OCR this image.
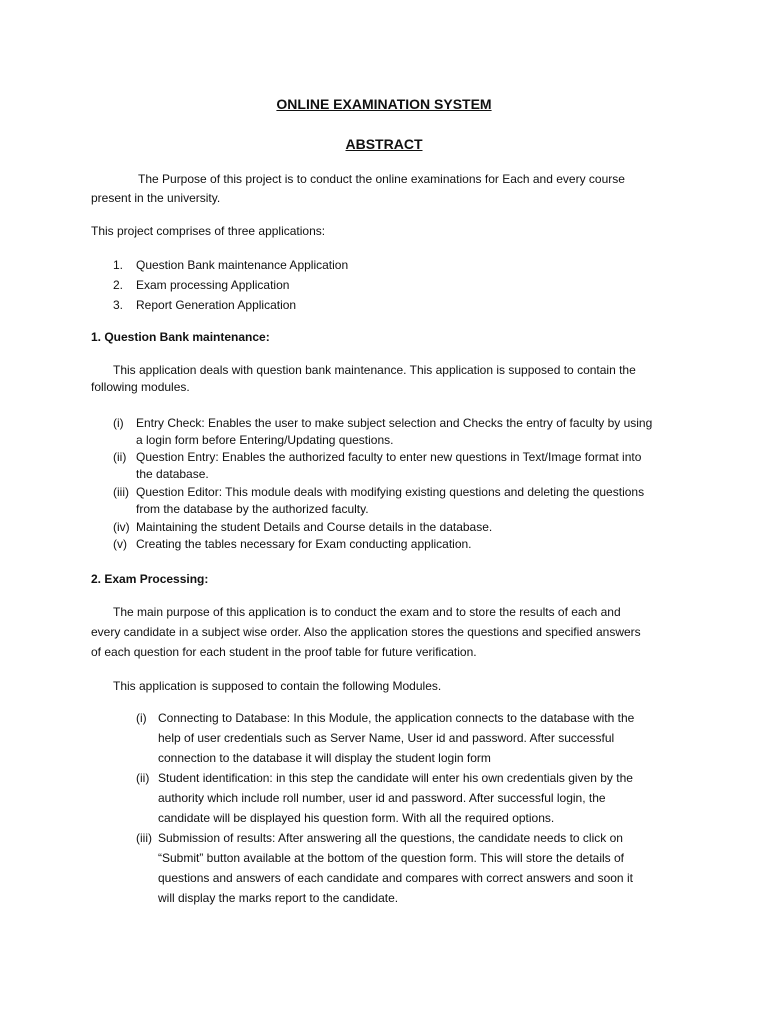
ONLINE EXAMINATION SYSTEM
ABSTRACT
The Purpose of this project is to conduct the online examinations for Each and every course
present in the university.
This project comprises of three applications:
1. Question Bank maintenance Application
2. Exam processing Application
3. Report Generation Application
1. Question Bank maintenance:
This application deals with question bank maintenance. This application is supposed to contain the
following modules.
(i) Entry Check: Enables the user to make subject selection and Checks the entry of faculty by using
a login form before Entering/Updating questions.
(ii) Question Entry: Enables the authorized faculty to enter new questions in Text/Image format into
the database.
(iii) Question Editor: This module deals with modifying existing questions and deleting the questions
from the database by the authorized faculty.
(iv) Maintaining the student Details and Course details in the database.
(v) Creating the tables necessary for Exam conducting application.
2. Exam Processing:
The main purpose of this application is to conduct the exam and to store the results of each and
every candidate in a subject wise order. Also the application stores the questions and specified answers
of each question for each student in the proof table for future verification.
This application is supposed to contain the following Modules.
(i) Connecting to Database: In this Module, the application connects to the database with the
help of user credentials such as Server Name, User id and password. After successful
connection to the database it will display the student login form
(ii) Student identification: in this step the candidate will enter his own credentials given by the
authority which include roll number, user id and password. After successful login, the
candidate will be displayed his question form. With all the required options.
(iii) Submission of results: After answering all the questions, the candidate needs to click on
“Submit” button available at the bottom of the question form. This will store the details of
questions and answers of each candidate and compares with correct answers and soon it
will display the marks report to the candidate.
